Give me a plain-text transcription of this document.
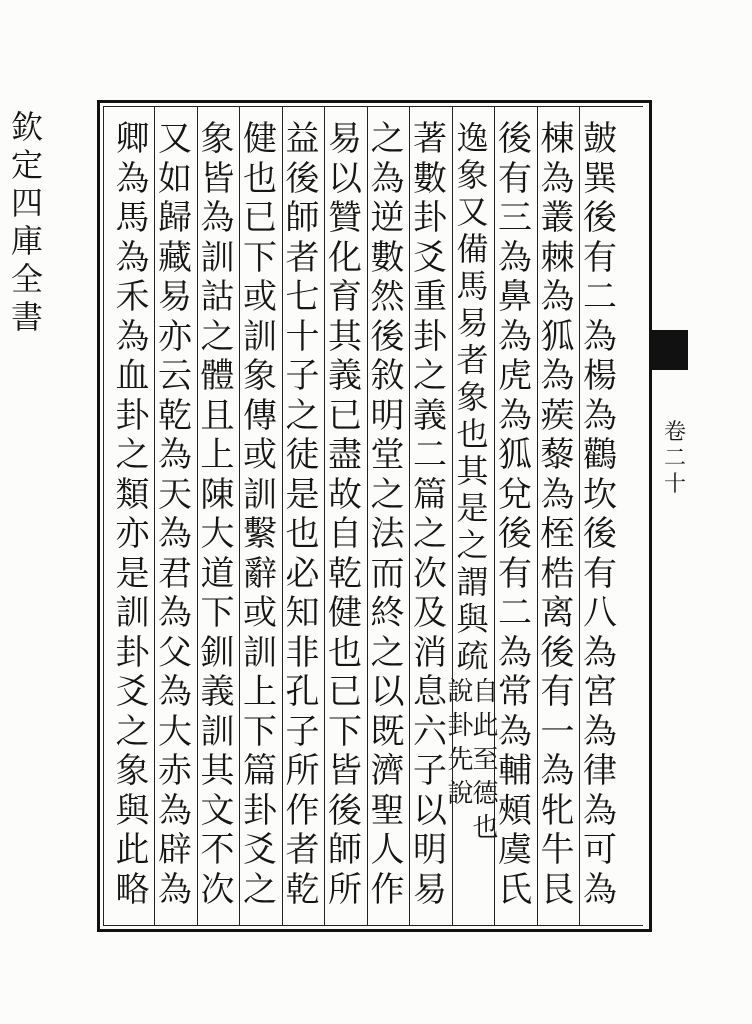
欽
定
四
庫
全
書
卷
二
十
皷
巽
後
有
二
為
楊
為
鸛
坎
後
有
八
為
宮
為
律
為
可
為
棟
為
叢
棘
為
狐
為
蒺
藜
為
桎
梏
离
後
有
一
為
牝
牛
艮
後
有
三
為
鼻
為
虎
為
狐
兌
後
有
二
為
常
為
輔
頰
虞
氏
逸
象
又
備
馬
易
者
象
也
其
是
之
謂
與
疏
自
此
至
德
也
說
卦
先
說
著
數
卦
爻
重
卦
之
義
二
篇
之
次
及
消
息
六
子
以
明
易
之
為
逆
數
然
後
敘
明
堂
之
法
而
終
之
以
既
濟
聖
人
作
易
以
贊
化
育
其
義
已
盡
故
自
乾
健
也
已
下
皆
後
師
所
益
後
師
者
七
十
子
之
徒
是
也
必
知
非
孔
子
所
作
者
乾
健
也
已
下
或
訓
象
傳
或
訓
繫
辭
或
訓
上
下
篇
卦
爻
之
象
皆
為
訓
詁
之
體
且
上
陳
大
道
下
釧
義
訓
其
文
不
次
又
如
歸
藏
易
亦
云
乾
為
天
為
君
為
父
為
大
赤
為
辟
為
卿
為
馬
為
禾
為
血
卦
之
類
亦
是
訓
卦
爻
之
象
與
此
略
